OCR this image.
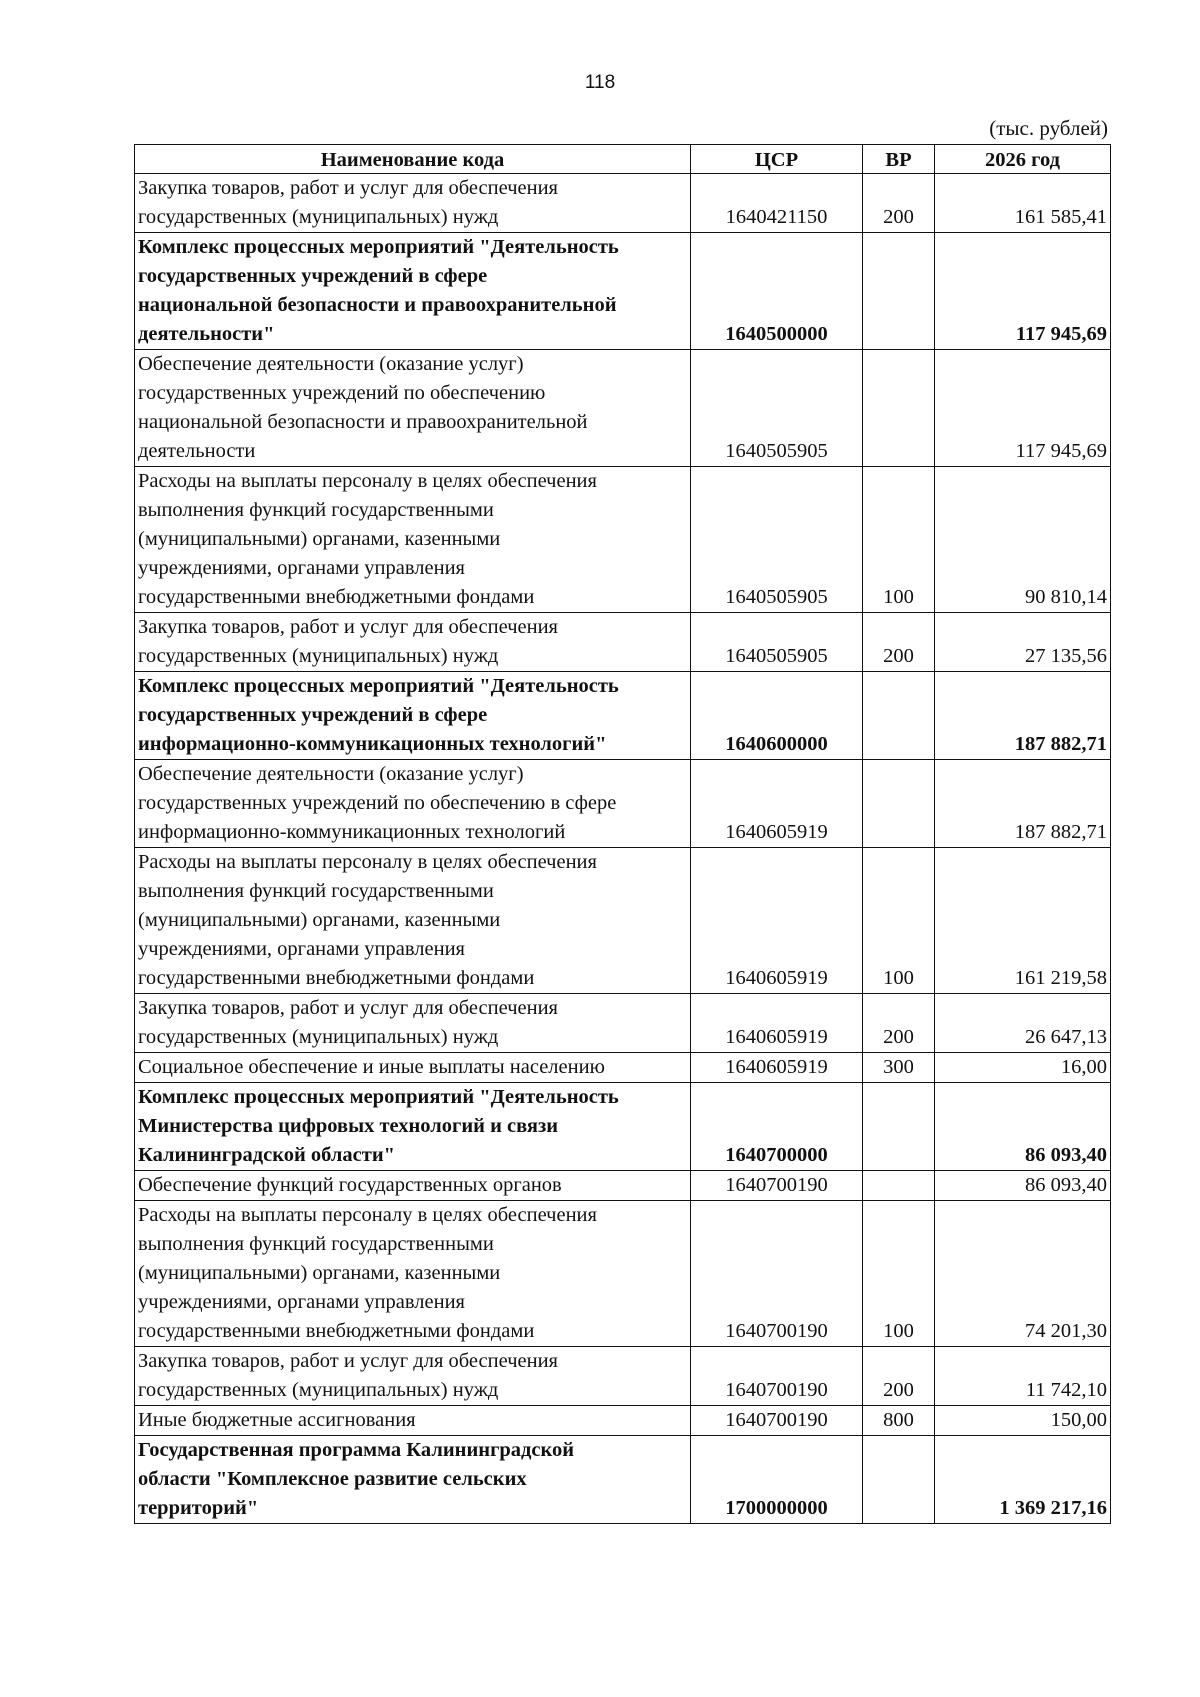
118
(тыс. рублей)
Наименование кода	ЦСР	ВР	2026 год
Закупка товаров, работ и услуг для обеспечения
государственных (муниципальных) нужд	1640421150	200	161 585,41
Комплекс процессных мероприятий "Деятельность
государственных учреждений в сфере
национальной безопасности и правоохранительной
деятельности"	1640500000		117 945,69
Обеспечение деятельности (оказание услуг)
государственных учреждений по обеспечению
национальной безопасности и правоохранительной
деятельности	1640505905		117 945,69
Расходы на выплаты персоналу в целях обеспечения
выполнения функций государственными
(муниципальными) органами, казенными
учреждениями, органами управления
государственными внебюджетными фондами	1640505905	100	90 810,14
Закупка товаров, работ и услуг для обеспечения
государственных (муниципальных) нужд	1640505905	200	27 135,56
Комплекс процессных мероприятий "Деятельность
государственных учреждений в сфере
информационно-коммуникационных технологий"	1640600000		187 882,71
Обеспечение деятельности (оказание услуг)
государственных учреждений по обеспечению в сфере
информационно-коммуникационных технологий	1640605919		187 882,71
Расходы на выплаты персоналу в целях обеспечения
выполнения функций государственными
(муниципальными) органами, казенными
учреждениями, органами управления
государственными внебюджетными фондами	1640605919	100	161 219,58
Закупка товаров, работ и услуг для обеспечения
государственных (муниципальных) нужд	1640605919	200	26 647,13
Социальное обеспечение и иные выплаты населению	1640605919	300	16,00
Комплекс процессных мероприятий "Деятельность
Министерства цифровых технологий и связи
Калининградской области"	1640700000		86 093,40
Обеспечение функций государственных органов	1640700190		86 093,40
Расходы на выплаты персоналу в целях обеспечения
выполнения функций государственными
(муниципальными) органами, казенными
учреждениями, органами управления
государственными внебюджетными фондами	1640700190	100	74 201,30
Закупка товаров, работ и услуг для обеспечения
государственных (муниципальных) нужд	1640700190	200	11 742,10
Иные бюджетные ассигнования	1640700190	800	150,00
Государственная программа Калининградской
области "Комплексное развитие сельских
территорий"	1700000000		1 369 217,16
